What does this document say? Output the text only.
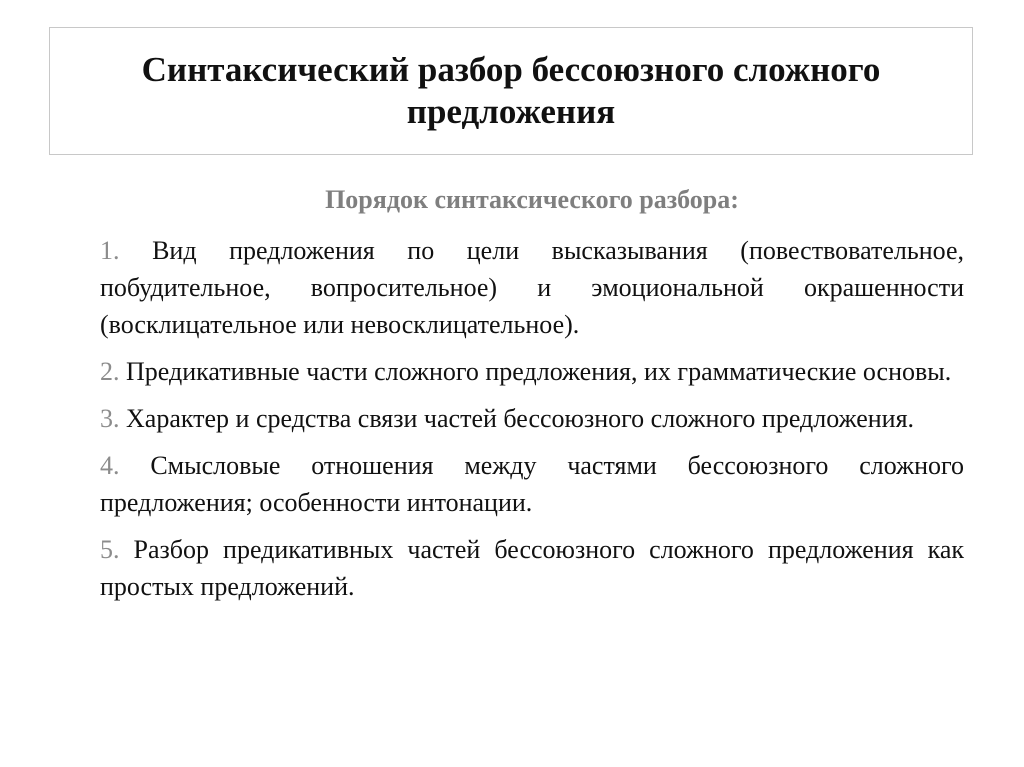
Синтаксический разбор бессоюзного сложного предложения

Порядок синтаксического разбора:

1. Вид предложения по цели высказывания (повествовательное, побудительное, вопросительное) и эмоциональной окрашенности (восклицательное или невосклицательное).
2. Предикативные части сложного предложения, их грамматические основы.
3. Характер и средства связи частей бессоюзного сложного предложения.
4. Смысловые отношения между частями бессоюзного сложного предложения; особенности интонации.
5. Разбор предикативных частей бессоюзного сложного предложения как простых предложений.
